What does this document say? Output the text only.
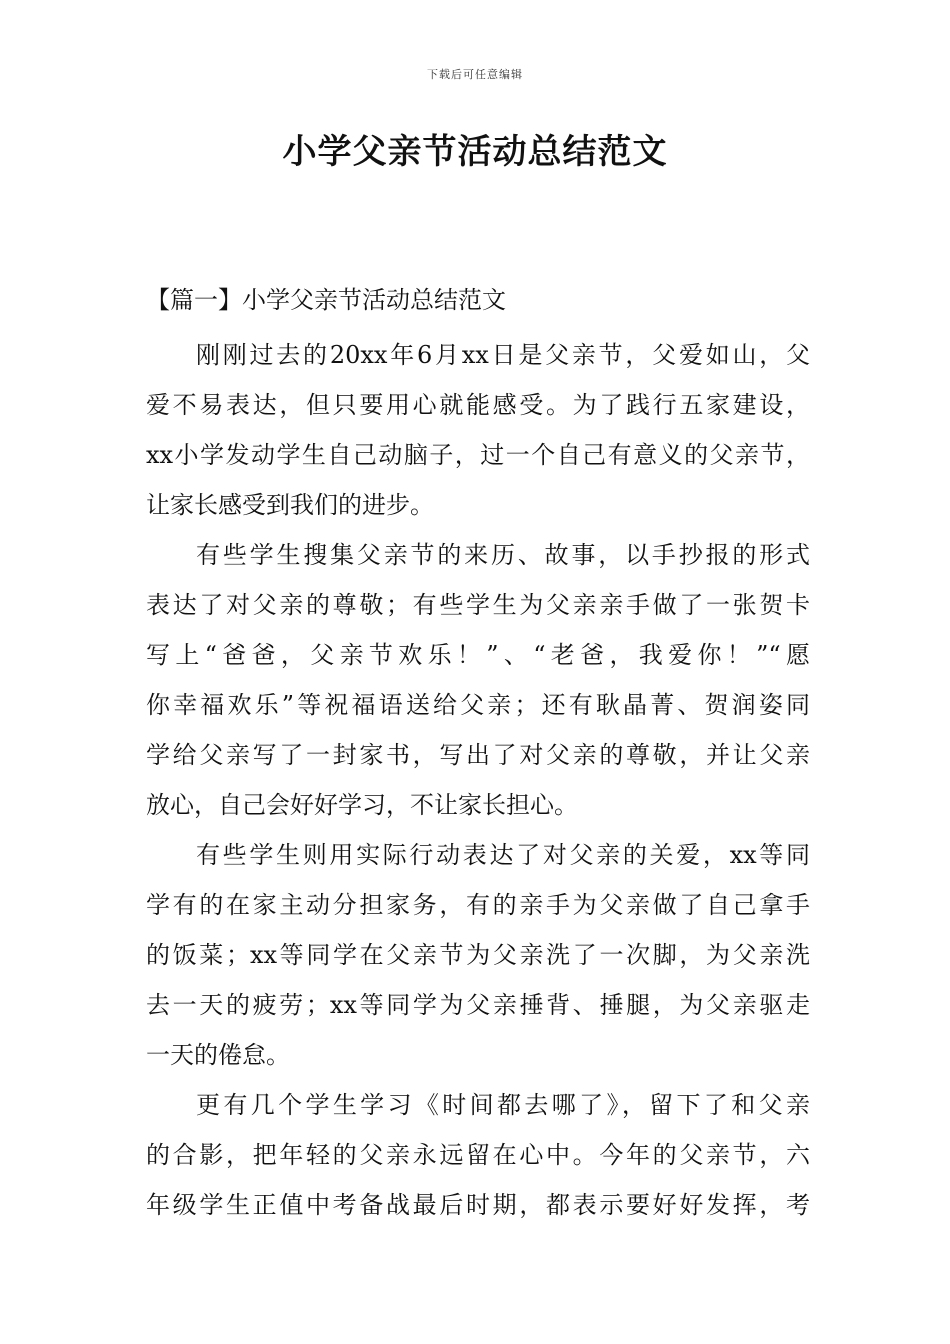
下载后可任意编辑
小学父亲节活动总结范文
【篇一】小学父亲节活动总结范文
刚刚过去的20xx年6月xx日是父亲节，父爱如山，父
爱不易表达，但只要用心就能感受。为了践行五家建设，
xx小学发动学生自己动脑子，过一个自己有意义的父亲节，
让家长感受到我们的进步。
有些学生搜集父亲节的来历、故事，以手抄报的形式
表达了对父亲的尊敬；有些学生为父亲亲手做了一张贺卡
写上“爸爸，父亲节欢乐！”、“老爸，我爱你！”“愿
你幸福欢乐”等祝福语送给父亲；还有耿晶菁、贺润姿同
学给父亲写了一封家书，写出了对父亲的尊敬，并让父亲
放心，自己会好好学习，不让家长担心。
有些学生则用实际行动表达了对父亲的关爱，xx等同
学有的在家主动分担家务，有的亲手为父亲做了自己拿手
的饭菜；xx等同学在父亲节为父亲洗了一次脚，为父亲洗
去一天的疲劳；xx等同学为父亲捶背、捶腿，为父亲驱走
一天的倦怠。
更有几个学生学习《时间都去哪了》，留下了和父亲
的合影，把年轻的父亲永远留在心中。今年的父亲节，六
年级学生正值中考备战最后时期，都表示要好好发挥，考
